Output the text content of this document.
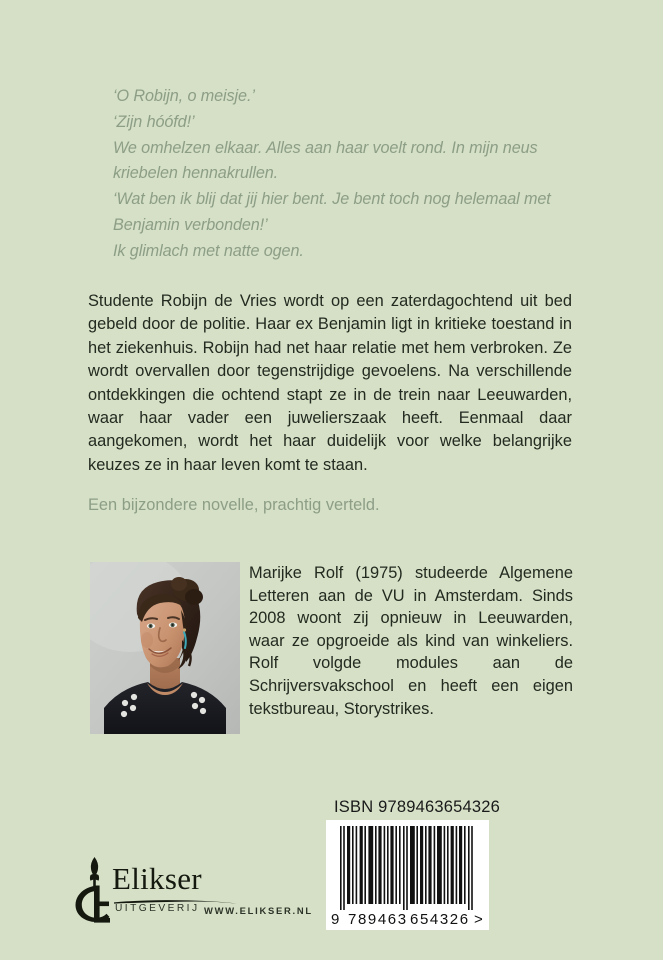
‘O Robijn, o meisje.’
‘Zijn hóófd!’
We omhelzen elkaar. Alles aan haar voelt rond. In mijn neus kriebelen hennakrullen.
‘Wat ben ik blij dat jij hier bent. Je bent toch nog helemaal met Benjamin verbonden!’
Ik glimlach met natte ogen.

Studente Robijn de Vries wordt op een zaterdagochtend uit bed gebeld door de politie. Haar ex Benjamin ligt in kritieke toestand in het ziekenhuis. Robijn had net haar relatie met hem verbroken. Ze wordt overvallen door tegenstrijdige gevoelens. Na verschillende ontdekkingen die ochtend stapt ze in de trein naar Leeuwarden, waar haar vader een juwelierszaak heeft. Eenmaal daar aangekomen, wordt het haar duidelijk voor welke belangrijke keuzes ze in haar leven komt te staan.

Een bijzondere novelle, prachtig verteld.

Marijke Rolf (1975) studeerde Algemene Letteren aan de VU in Amsterdam. Sinds 2008 woont zij opnieuw in Leeuwarden, waar ze opgroeide als kind van winkeliers. Rolf volgde modules aan de Schrijversvakschool en heeft een eigen tekstbureau, Storystrikes.

Elikser
UITGEVERIJ WWW.ELIKSER.NL
ISBN 9789463654326
9 789463 654326 >
